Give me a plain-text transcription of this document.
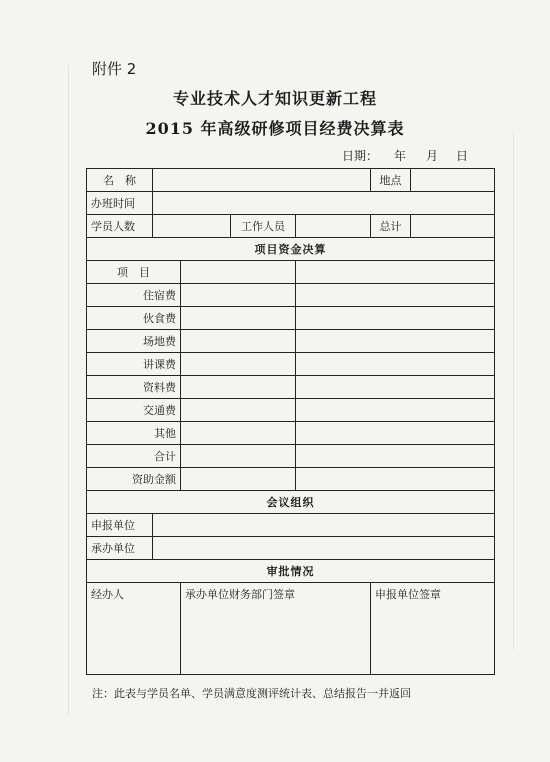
附件 2
专业技术人才知识更新工程
2015 年高级研修项目经费决算表
日期： 年 月 日
名　称					地点	
办班时间						
学员人数			工作人员		总计	
项目资金决算						
项　目						
住宿费						
伙食费						
场地费						
讲课费						
资料费						
交通费						
其他						
合计						
资助金额						
会议组织						
申报单位						
承办单位						
审批情况						
经办人		承办单位财务部门签章			申报单位签章	
注：此表与学员名单、学员满意度测评统计表、总结报告一并返回
